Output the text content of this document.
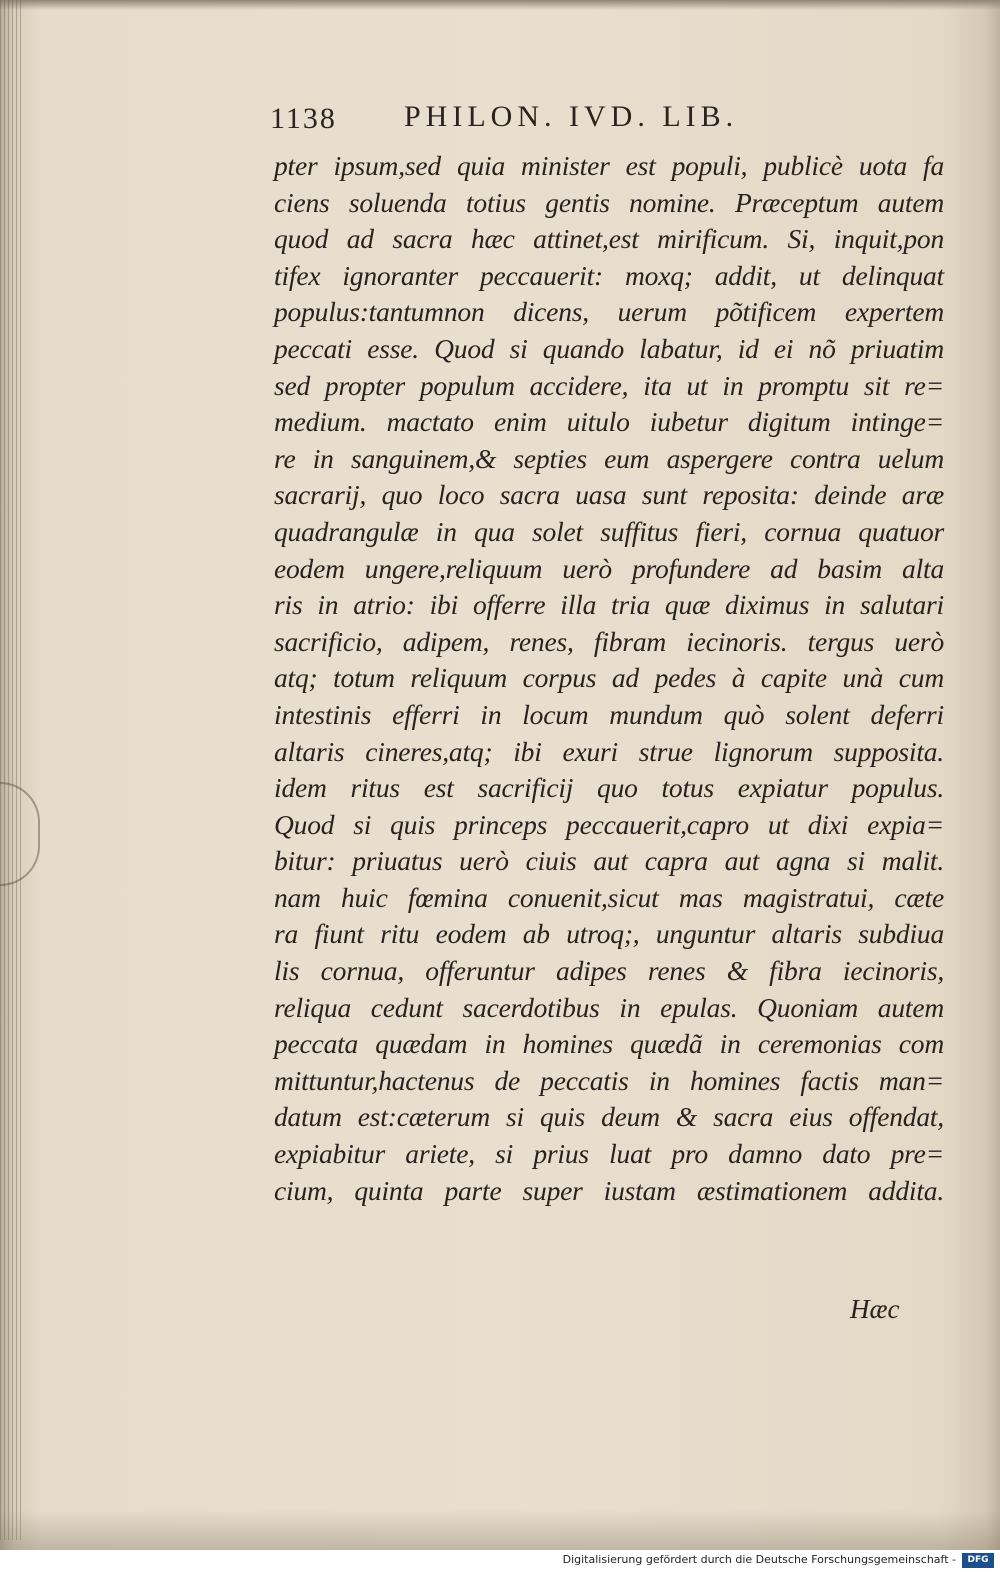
1138 PHILON. IVD. LIB.
pter ipsum,sed quia minister est populi, publicè uota fa
ciens soluenda totius gentis nomine. Præceptum autem
quod ad sacra hæc attinet,est mirificum. Si, inquit,pon
tifex ignoranter peccauerit: moxq; addit, ut delinquat
populus:tantumnon dicens, uerum põtificem expertem
peccati esse. Quod si quando labatur, id ei nõ priuatim
sed propter populum accidere, ita ut in promptu sit re=
medium. mactato enim uitulo iubetur digitum intinge=
re in sanguinem,& septies eum aspergere contra uelum
sacrarij, quo loco sacra uasa sunt reposita: deinde aræ
quadrangulæ in qua solet suffitus fieri, cornua quatuor
eodem ungere,reliquum uerò profundere ad basim alta
ris in atrio: ibi offerre illa tria quæ diximus in salutari
sacrificio, adipem, renes, fibram iecinoris. tergus uerò
atq; totum reliquum corpus ad pedes à capite unà cum
intestinis efferri in locum mundum quò solent deferri
altaris cineres,atq; ibi exuri strue lignorum supposita.
idem ritus est sacrificij quo totus expiatur populus.
Quod si quis princeps peccauerit,capro ut dixi expia=
bitur: priuatus uerò ciuis aut capra aut agna si malit.
nam huic fœmina conuenit,sicut mas magistratui, cæte
ra fiunt ritu eodem ab utroq;, unguntur altaris subdiua
lis cornua, offeruntur adipes renes & fibra iecinoris,
reliqua cedunt sacerdotibus in epulas. Quoniam autem
peccata quædam in homines quædã in ceremonias com
mittuntur,hactenus de peccatis in homines factis man=
datum est:cæterum si quis deum & sacra eius offendat,
expiabitur ariete, si prius luat pro damno dato pre=
cium, quinta parte super iustam æstimationem addita.
Hæc
Digitalisierung gefördert durch die Deutsche Forschungsgemeinschaft -	DFG
